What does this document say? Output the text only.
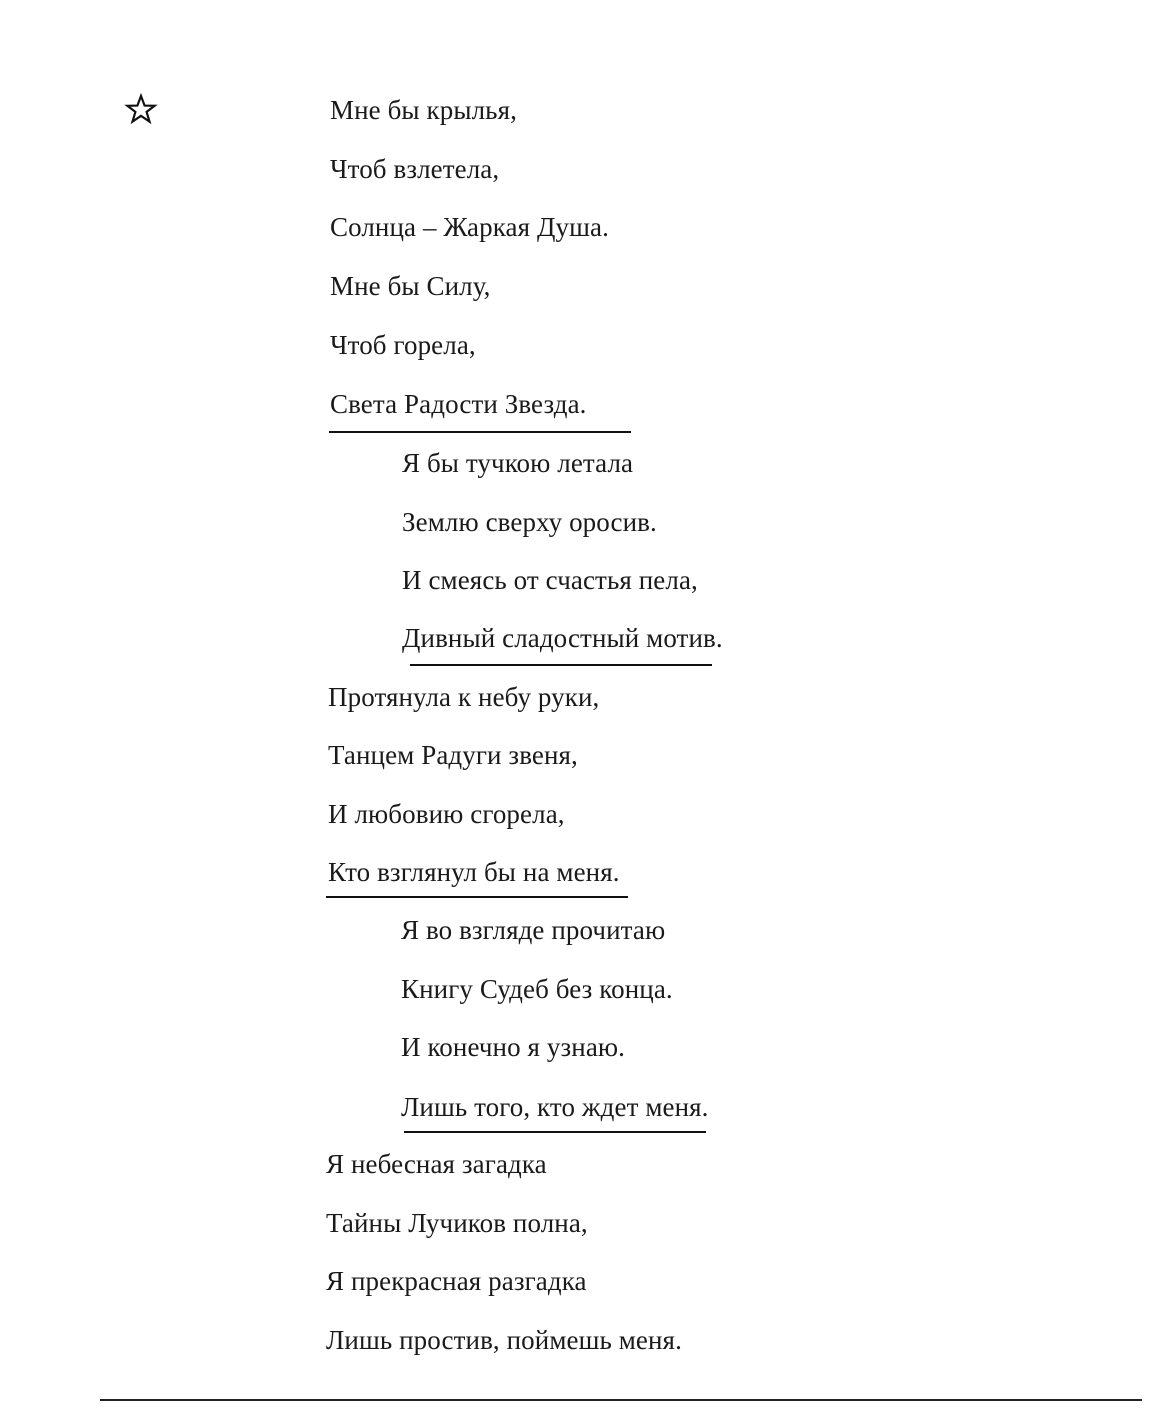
Мне бы крылья,
Чтоб взлетела,
Солнца – Жаркая Душа.
Мне бы Силу,
Чтоб горела,
Света Радости Звезда.
Я бы тучкою летала
Землю сверху оросив.
И смеясь от счастья пела,
Дивный сладостный мотив.
Протянула к небу руки,
Танцем Радуги звеня,
И любовию сгорела,
Кто взглянул бы на меня.
Я во взгляде прочитаю
Книгу Судеб без конца.
И конечно я узнаю.
Лишь того, кто ждет меня.
Я небесная загадка
Тайны Лучиков полна,
Я прекрасная разгадка
Лишь простив, поймешь меня.
